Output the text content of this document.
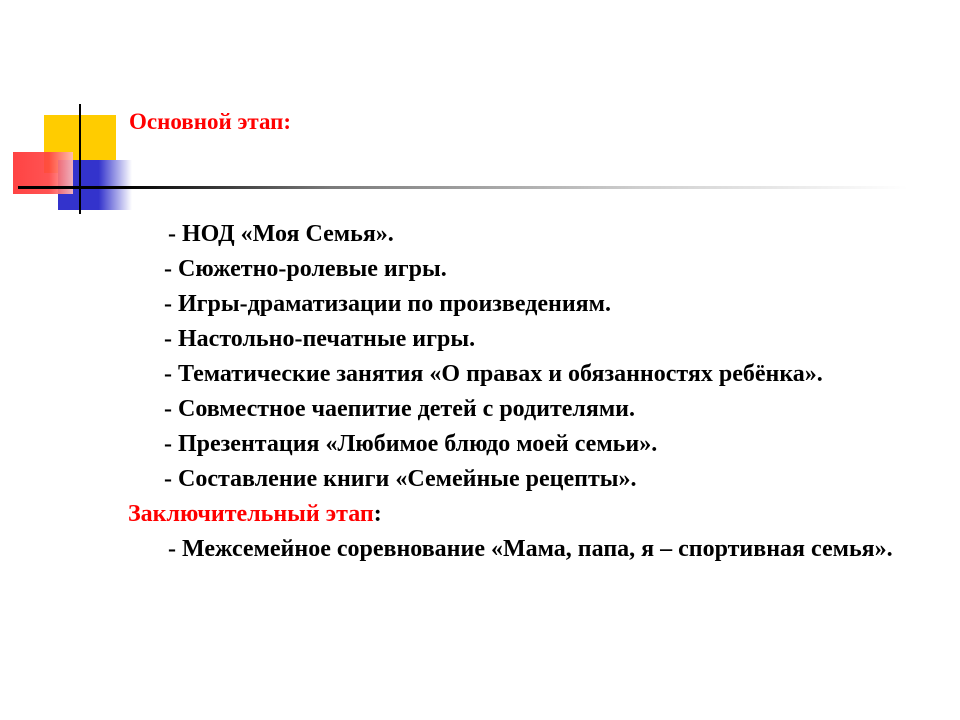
Основной этап:
- НОД «Моя Семья».
- Сюжетно-ролевые игры.
- Игры-драматизации по произведениям.
- Настольно-печатные игры.
- Тематические занятия «О правах и обязанностях ребёнка».
- Совместное чаепитие детей с родителями.
- Презентация «Любимое блюдо моей семьи».
- Составление книги «Семейные рецепты».
Заключительный этап:
- Межсемейное соревнование «Мама, папа, я – спортивная семья».
